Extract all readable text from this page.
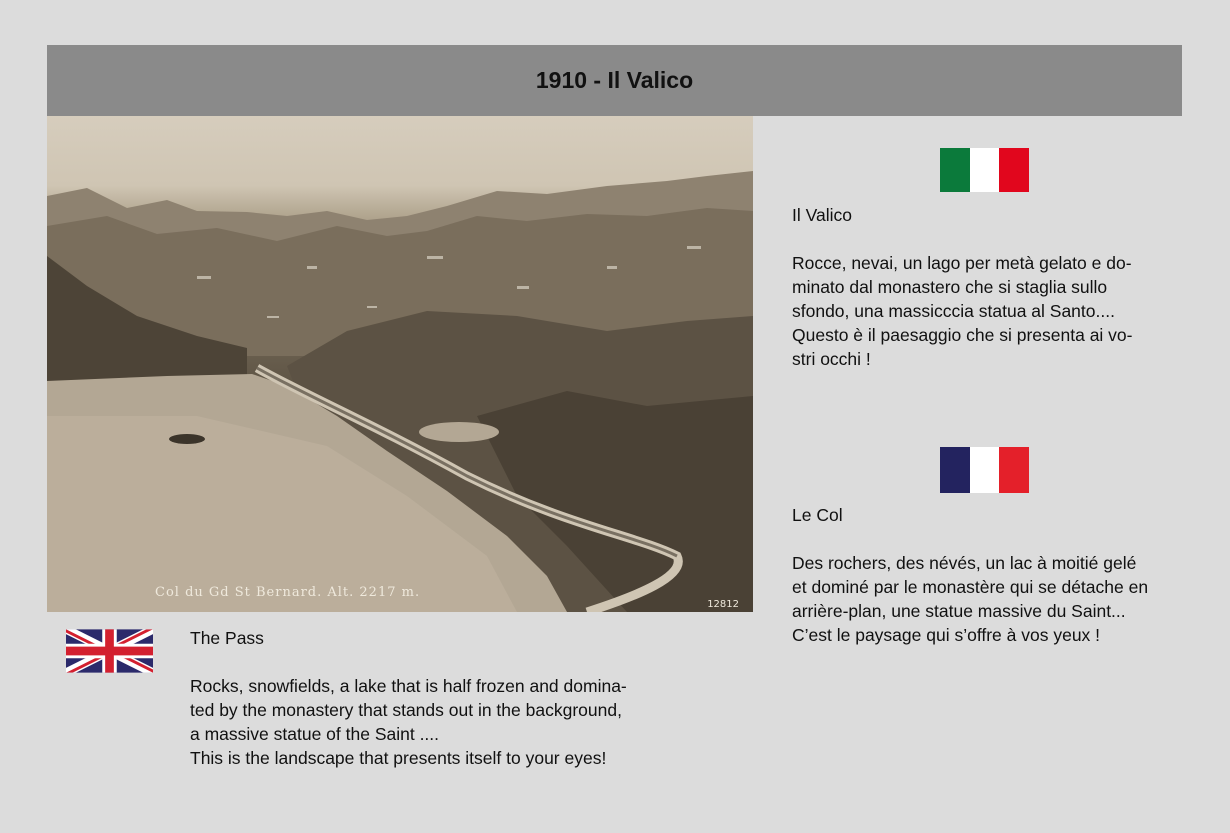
1910 - Il Valico
Col du Gd St Bernard. Alt. 2217 m.
12812

Il Valico

Rocce, nevai, un lago per metà gelato e do-
minato dal monastero che si staglia sullo
sfondo, una massicccia statua al Santo....
Questo è il paesaggio che si presenta ai vo-
stri occhi !

Le Col

Des rochers, des névés, un lac à moitié gelé
et dominé par le monastère qui se détache en
arrière-plan, une statue massive du Saint...
C’est le paysage qui s’offre à vos yeux !

The Pass

Rocks, snowfields, a lake that is half frozen and domina-
ted by the monastery that stands out in the background,
a massive statue of the Saint ....
This is the landscape that presents itself to your eyes!
